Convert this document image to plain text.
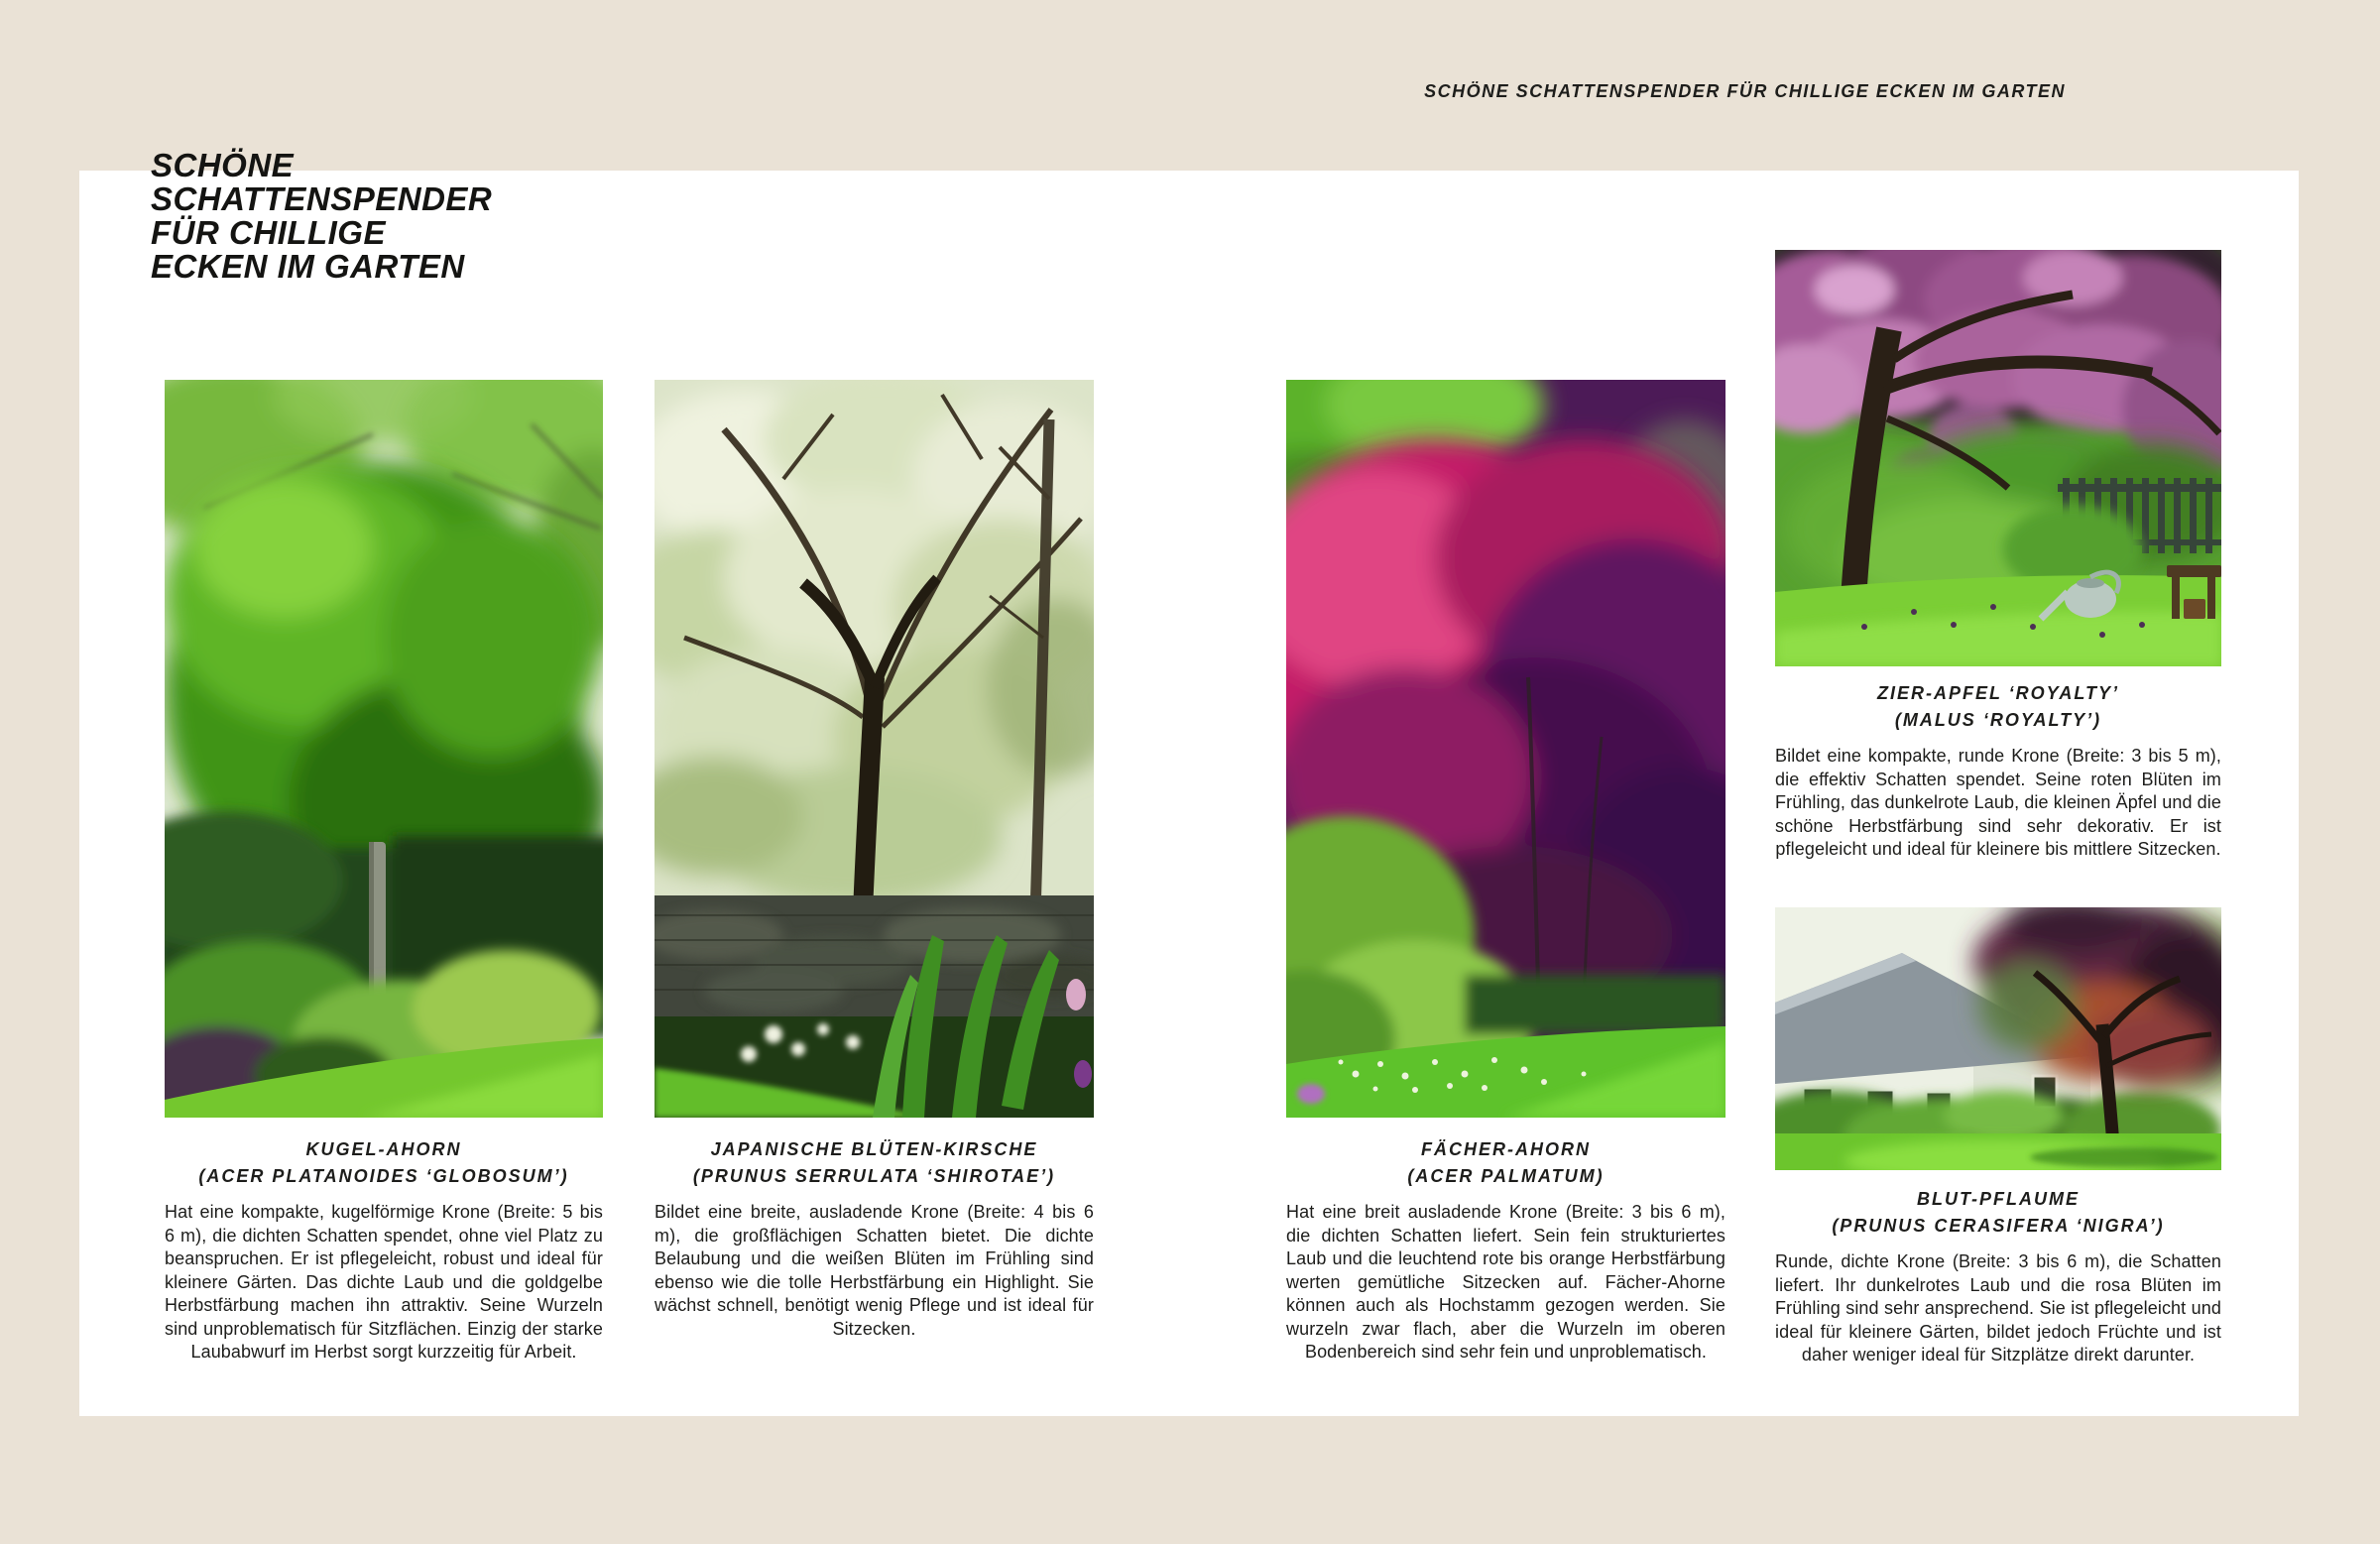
SCHÖNE SCHATTENSPENDER FÜR CHILLIGE ECKEN IM GARTEN
SCHÖNE
SCHATTENSPENDER
FÜR CHILLIGE
ECKEN IM GARTEN
KUGEL-AHORN
(ACER PLATANOIDES ‘GLOBOSUM’)

Hat eine kompakte, kugelförmige Krone (Breite: 5 bis 6 m), die dichten Schatten spendet, ohne viel Platz zu beanspruchen. Er ist pflegeleicht, robust und ideal für kleinere Gärten. Das dichte Laub und die goldgelbe Herbstfärbung machen ihn attraktiv. Seine Wurzeln sind unproblematisch für Sitzflächen. Einzig der starke Laubabwurf im Herbst sorgt kurzzeitig für Arbeit.

JAPANISCHE BLÜTEN-KIRSCHE
(PRUNUS SERRULATA ‘SHIROTAE’)

Bildet eine breite, ausladende Krone (Breite: 4 bis 6 m), die großflächigen Schatten bietet. Die dichte Belaubung und die weißen Blüten im Frühling sind ebenso wie die tolle Herbstfärbung ein Highlight. Sie wächst schnell, benötigt wenig Pflege und ist ideal für Sitzecken.

FÄCHER-AHORN
(ACER PALMATUM)

Hat eine breit ausladende Krone (Breite: 3 bis 6 m), die dichten Schatten liefert. Sein fein strukturiertes Laub und die leuchtend rote bis orange Herbstfärbung werten gemütliche Sitzecken auf. Fächer-Ahorne können auch als Hochstamm gezogen werden. Sie wurzeln zwar flach, aber die Wurzeln im oberen Bodenbereich sind sehr fein und unproblematisch.

ZIER-APFEL ‘ROYALTY’
(MALUS ‘ROYALTY’)

Bildet eine kompakte, runde Krone (Breite: 3 bis 5 m), die effektiv Schatten spendet. Seine roten Blüten im Frühling, das dunkelrote Laub, die kleinen Äpfel und die schöne Herbstfärbung sind sehr dekorativ. Er ist pflegeleicht und ideal für kleinere bis mittlere Sitzecken.

BLUT-PFLAUME
(PRUNUS CERASIFERA ‘NIGRA’)

Runde, dichte Krone (Breite: 3 bis 6 m), die Schatten liefert. Ihr dunkelrotes Laub und die rosa Blüten im Frühling sind sehr ansprechend. Sie ist pflegeleicht und ideal für kleinere Gärten, bildet jedoch Früchte und ist daher weniger ideal für Sitzplätze direkt darunter.
